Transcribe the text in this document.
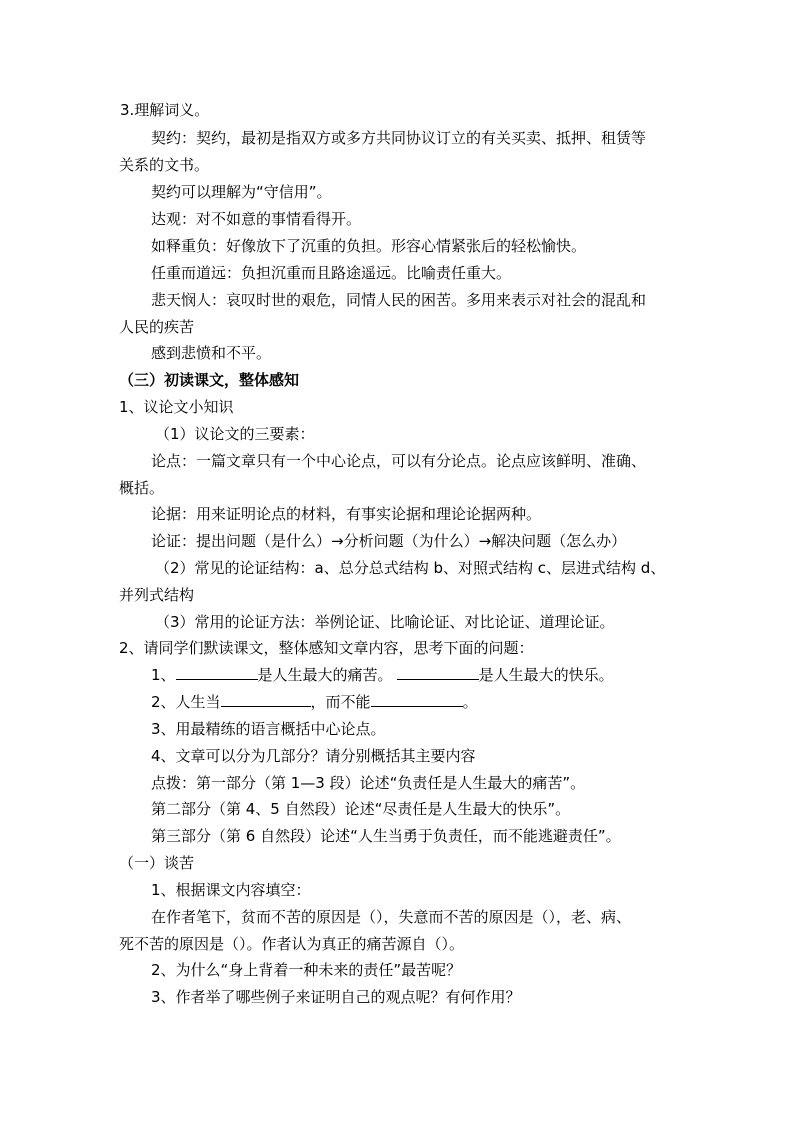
3.理解词义。
契约：契约，最初是指双方或多方共同协议订立的有关买卖、抵押、租赁等
关系的文书。
契约可以理解为“守信用”。
达观：对不如意的事情看得开。
如释重负：好像放下了沉重的负担。形容心情紧张后的轻松愉快。
任重而道远：负担沉重而且路途遥远。比喻责任重大。
悲天悯人：哀叹时世的艰危，同情人民的困苦。多用来表示对社会的混乱和
人民的疾苦
感到悲愤和不平。
（三）初读课文，整体感知
1、议论文小知识
（1）议论文的三要素：
论点：一篇文章只有一个中心论点，可以有分论点。论点应该鲜明、准确、
概括。
论据：用来证明论点的材料，有事实论据和理论论据两种。
论证：提出问题（是什么）→分析问题（为什么）→解决问题（怎么办）
（2）常见的论证结构：a、总分总式结构 b、对照式结构 c、层进式结构 d、
并列式结构
（3）常用的论证方法：举例论证、比喻论证、对比论证、道理论证。
2、请同学们默读课文，整体感知文章内容，思考下面的问题：
1、	是人生最大的痛苦。	是人生最大的快乐。
2、人生当	，而不能	。
3、用最精练的语言概括中心论点。
4、文章可以分为几部分？请分别概括其主要内容
点拨：第一部分（第 1—3 段）论述“负责任是人生最大的痛苦”。
第二部分（第 4、5 自然段）论述“尽责任是人生最大的快乐”。
第三部分（第 6 自然段）论述“人生当勇于负责任，而不能逃避责任”。
（一）谈苦
1、根据课文内容填空：
在作者笔下，贫而不苦的原因是（），失意而不苦的原因是（），老、病、
死不苦的原因是（）。作者认为真正的痛苦源自（）。
2、为什么“身上背着一种未来的责任”最苦呢？
3、作者举了哪些例子来证明自己的观点呢？有何作用？
